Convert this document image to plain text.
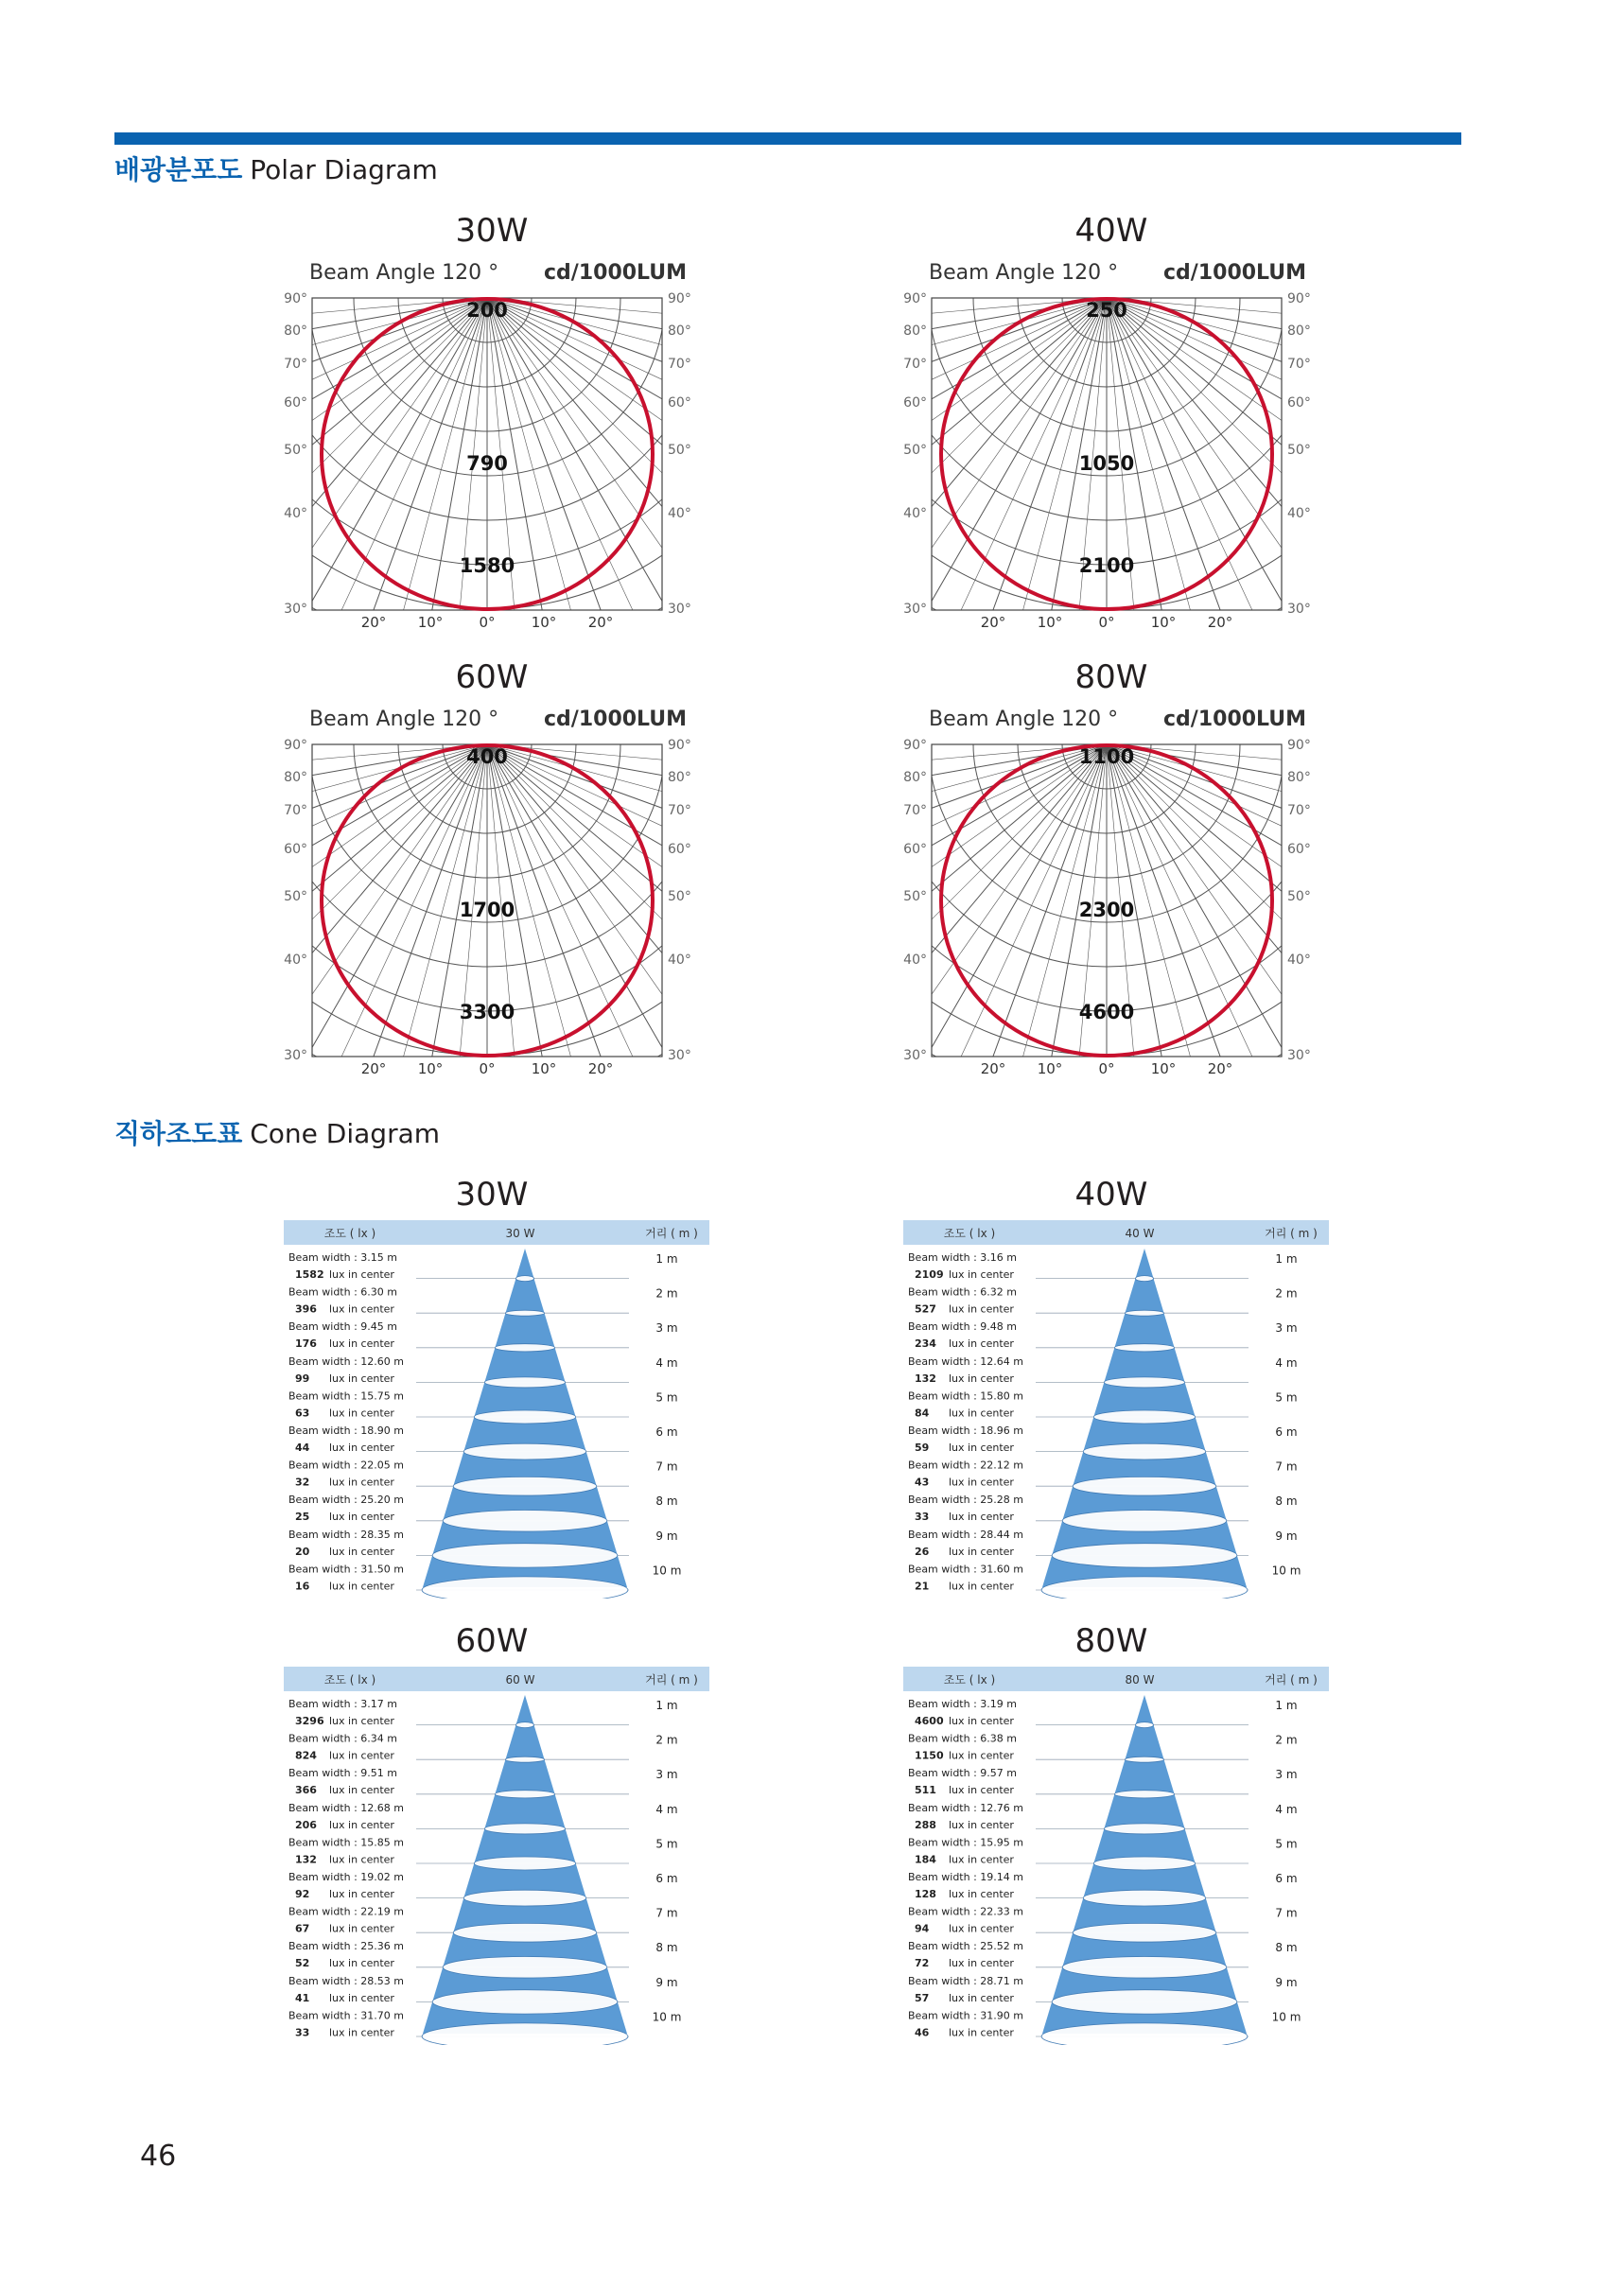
배광분포도 Polar Diagram
30W
Beam Angle 120 ° cd/1000LUM
90°	90°
80°	80°
70°	70°
60°	60°
50°	50°
40°	40°
30°	30°
20° 10°	0°	10° 20°
200
790
1580
40W
Beam Angle 120 ° cd/1000LUM
90°	90°
80°	80°
70°	70°
60°	60°
50°	50°
40°	40°
30°	30°
20° 10°	0°	10° 20°
250
1050
2100
60W
Beam Angle 120 ° cd/1000LUM
90°	90°
80°	80°
70°	70°
60°	60°
50°	50°
40°	40°
30°	30°
20° 10°	0°	10° 20°
400
1700
3300
80W
Beam Angle 120 ° cd/1000LUM
90°	90°
80°	80°
70°	70°
60°	60°
50°	50°
40°	40°
30°	30°
20° 10°	0°	10° 20°
1100
2300
4600
직하조도표 Cone Diagram
30W
조도 ( lx )	30 W	거리 ( m )
Beam width : 3.15 m
1582 lux in center
1 m
Beam width : 6.30 m
396 lux in center
2 m
Beam width : 9.45 m
176 lux in center
3 m
Beam width : 12.60 m
99 lux in center
4 m
Beam width : 15.75 m
63 lux in center
5 m
Beam width : 18.90 m
44 lux in center
6 m
Beam width : 22.05 m
32 lux in center
7 m
Beam width : 25.20 m
25 lux in center
8 m
Beam width : 28.35 m
20 lux in center
9 m
Beam width : 31.50 m
16 lux in center
10 m
40W
조도 ( lx )	40 W	거리 ( m )
Beam width : 3.16 m
2109 lux in center
1 m
Beam width : 6.32 m
527 lux in center
2 m
Beam width : 9.48 m
234 lux in center
3 m
Beam width : 12.64 m
132 lux in center
4 m
Beam width : 15.80 m
84 lux in center
5 m
Beam width : 18.96 m
59 lux in center
6 m
Beam width : 22.12 m
43 lux in center
7 m
Beam width : 25.28 m
33 lux in center
8 m
Beam width : 28.44 m
26 lux in center
9 m
Beam width : 31.60 m
21 lux in center
10 m
60W
조도 ( lx )	60 W	거리 ( m )
Beam width : 3.17 m
3296 lux in center
1 m
Beam width : 6.34 m
824 lux in center
2 m
Beam width : 9.51 m
366 lux in center
3 m
Beam width : 12.68 m
206 lux in center
4 m
Beam width : 15.85 m
132 lux in center
5 m
Beam width : 19.02 m
92 lux in center
6 m
Beam width : 22.19 m
67 lux in center
7 m
Beam width : 25.36 m
52 lux in center
8 m
Beam width : 28.53 m
41 lux in center
9 m
Beam width : 31.70 m
33 lux in center
10 m
80W
조도 ( lx )	80 W	거리 ( m )
Beam width : 3.19 m
4600 lux in center
1 m
Beam width : 6.38 m
1150 lux in center
2 m
Beam width : 9.57 m
511 lux in center
3 m
Beam width : 12.76 m
288 lux in center
4 m
Beam width : 15.95 m
184 lux in center
5 m
Beam width : 19.14 m
128 lux in center
6 m
Beam width : 22.33 m
94 lux in center
7 m
Beam width : 25.52 m
72 lux in center
8 m
Beam width : 28.71 m
57 lux in center
9 m
Beam width : 31.90 m
46 lux in center
10 m
46
